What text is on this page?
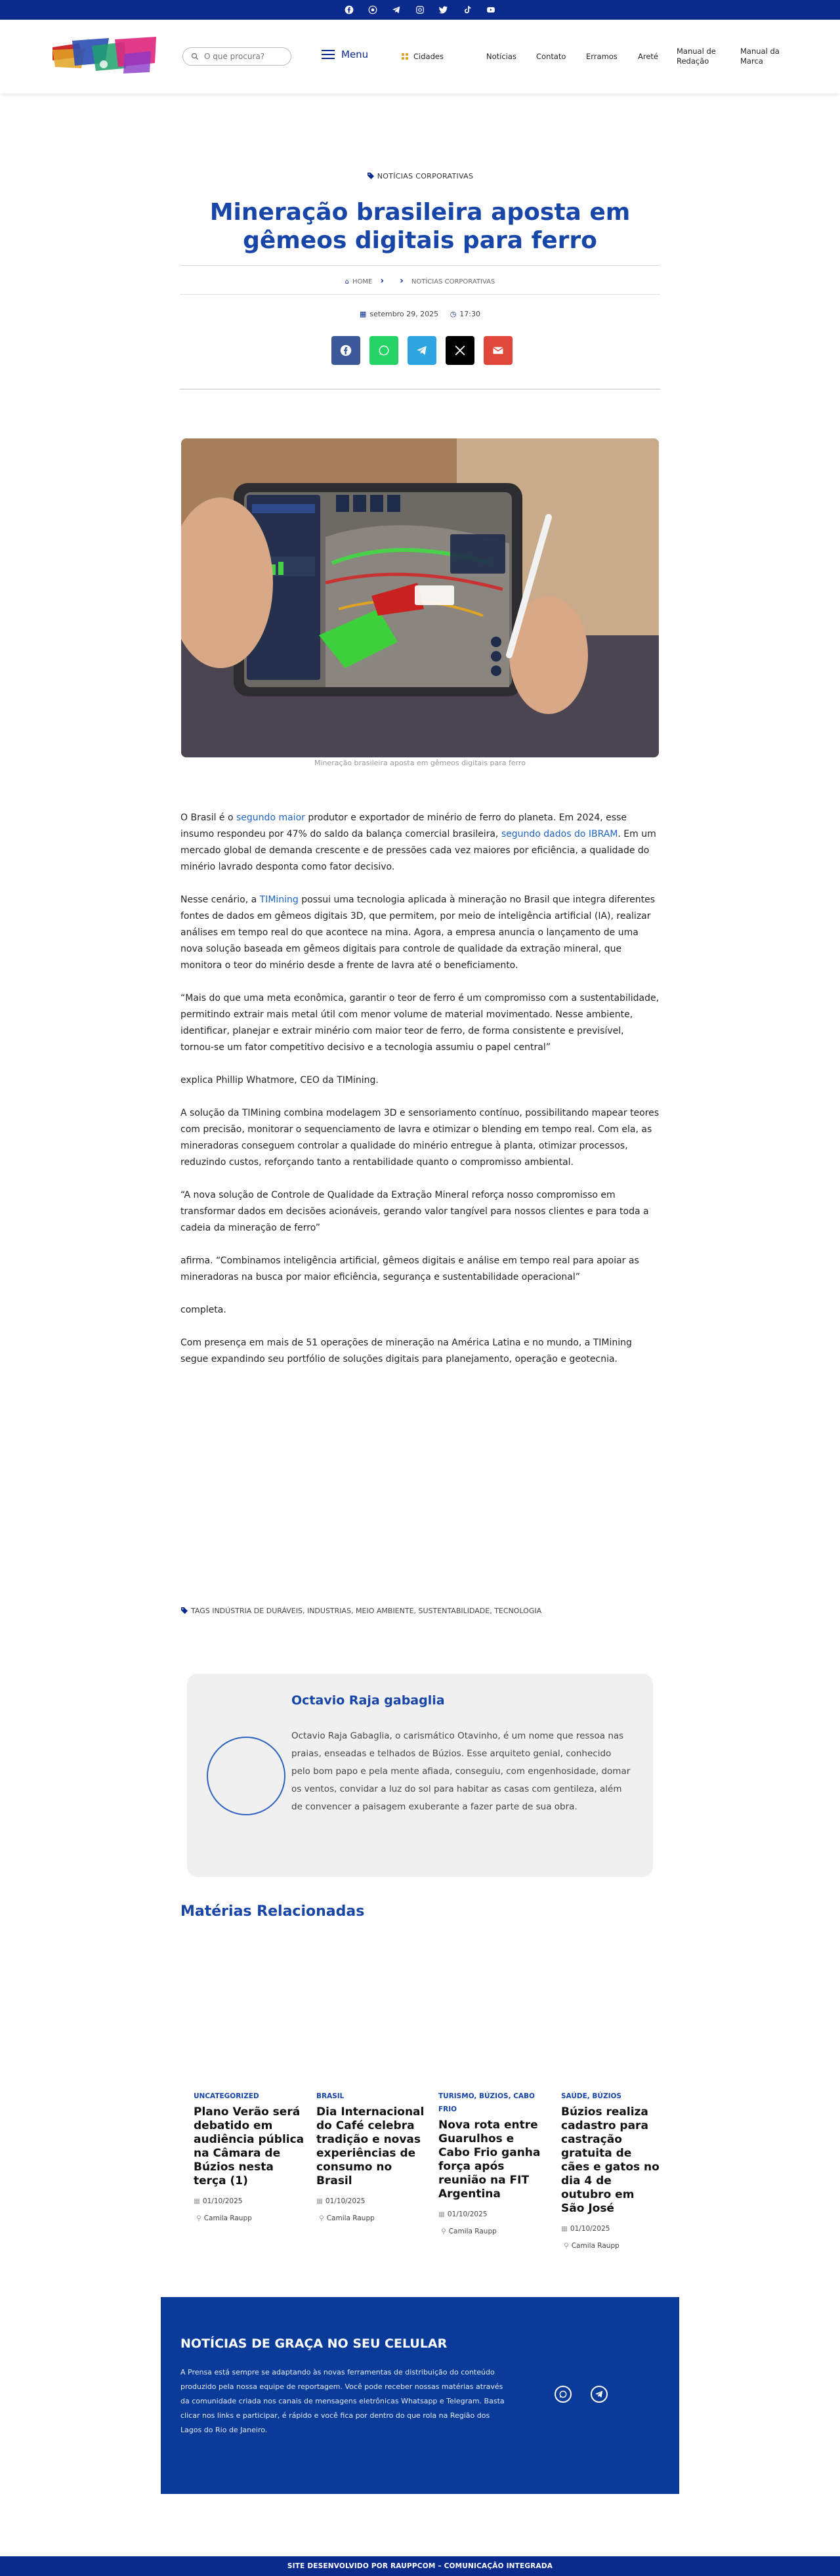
O que procura?
Menu	Cidades	Notícias	Contato	Erramos	Areté
Manual de Redação
Manual da Marca
NOTÍCIAS CORPORATIVAS
Mineração brasileira aposta em gêmeos digitais para ferro
⌂ HOME › › NOTÍCIAS CORPORATIVAS
▦ setembro 29, 2025 ◷ 17:30
Mineração brasileira aposta em gêmeos digitais para ferro

O Brasil é o segundo maior produtor e exportador de minério de ferro do planeta. Em 2024, esse insumo respondeu por 47% do saldo da balança comercial brasileira, segundo dados do IBRAM. Em um mercado global de demanda crescente e de pressões cada vez maiores por eficiência, a qualidade do minério lavrado desponta como fator decisivo.

Nesse cenário, a TIMining possui uma tecnologia aplicada à mineração no Brasil que integra diferentes fontes de dados em gêmeos digitais 3D, que permitem, por meio de inteligência artificial (IA), realizar análises em tempo real do que acontece na mina. Agora, a empresa anuncia o lançamento de uma nova solução baseada em gêmeos digitais para controle de qualidade da extração mineral, que monitora o teor do minério desde a frente de lavra até o beneficiamento.

“Mais do que uma meta econômica, garantir o teor de ferro é um compromisso com a sustentabilidade, permitindo extrair mais metal útil com menor volume de material movimentado. Nesse ambiente, identificar, planejar e extrair minério com maior teor de ferro, de forma consistente e previsível, tornou-se um fator competitivo decisivo e a tecnologia assumiu o papel central”

explica Phillip Whatmore, CEO da TIMining.

A solução da TIMining combina modelagem 3D e sensoriamento contínuo, possibilitando mapear teores com precisão, monitorar o sequenciamento de lavra e otimizar o blending em tempo real. Com ela, as mineradoras conseguem controlar a qualidade do minério entregue à planta, otimizar processos, reduzindo custos, reforçando tanto a rentabilidade quanto o compromisso ambiental.

“A nova solução de Controle de Qualidade da Extração Mineral reforça nosso compromisso em transformar dados em decisões acionáveis, gerando valor tangível para nossos clientes e para toda a cadeia da mineração de ferro”

afirma. “Combinamos inteligência artificial, gêmeos digitais e análise em tempo real para apoiar as mineradoras na busca por maior eficiência, segurança e sustentabilidade operacional”

completa.

Com presença em mais de 51 operações de mineração na América Latina e no mundo, a TIMining segue expandindo seu portfólio de soluções digitais para planejamento, operação e geotecnia.

TAGS INDÚSTRIA DE DURÁVEIS, INDUSTRIAS, MEIO AMBIENTE, SUSTENTABILIDADE, TECNOLOGIA
Octavio Raja gabaglia
Octavio Raja Gabaglia, o carismático Otavinho, é um nome que ressoa nas praias, enseadas e telhados de Búzios. Esse arquiteto genial, conhecido pelo bom papo e pela mente afiada, conseguiu, com engenhosidade, domar os ventos, convidar a luz do sol para habitar as casas com gentileza, além de convencer a paisagem exuberante a fazer parte de sua obra.
Matérias Relacionadas
UNCATEGORIZED
Plano Verão será debatido em audiência pública na Câmara de Búzios nesta terça (1)
▦ 01/10/2025
⚲ Camila Raupp
BRASIL
Dia Internacional do Café celebra tradição e novas experiências de consumo no Brasil
▦ 01/10/2025
⚲ Camila Raupp
TURISMO, BÚZIOS, CABO FRIO
Nova rota entre Guarulhos e Cabo Frio ganha força após reunião na FIT Argentina
▦ 01/10/2025
⚲ Camila Raupp
SAÚDE, BÚZIOS
Búzios realiza cadastro para castração gratuita de cães e gatos no dia 4 de outubro em São José
▦ 01/10/2025
⚲ Camila Raupp
NOTÍCIAS DE GRAÇA NO SEU CELULAR
A Prensa está sempre se adaptando às novas ferramentas de distribuição do conteúdo produzido pela nossa equipe de reportagem. Você pode receber nossas matérias através da comunidade criada nos canais de mensagens eletrônicas Whatsapp e Telegram. Basta clicar nos links e participar, é rápido e você fica por dentro do que rola na Região dos Lagos do Rio de Janeiro.
SITE DESENVOLVIDO POR RAUPPCOM – COMUNICAÇÃO INTEGRADA
